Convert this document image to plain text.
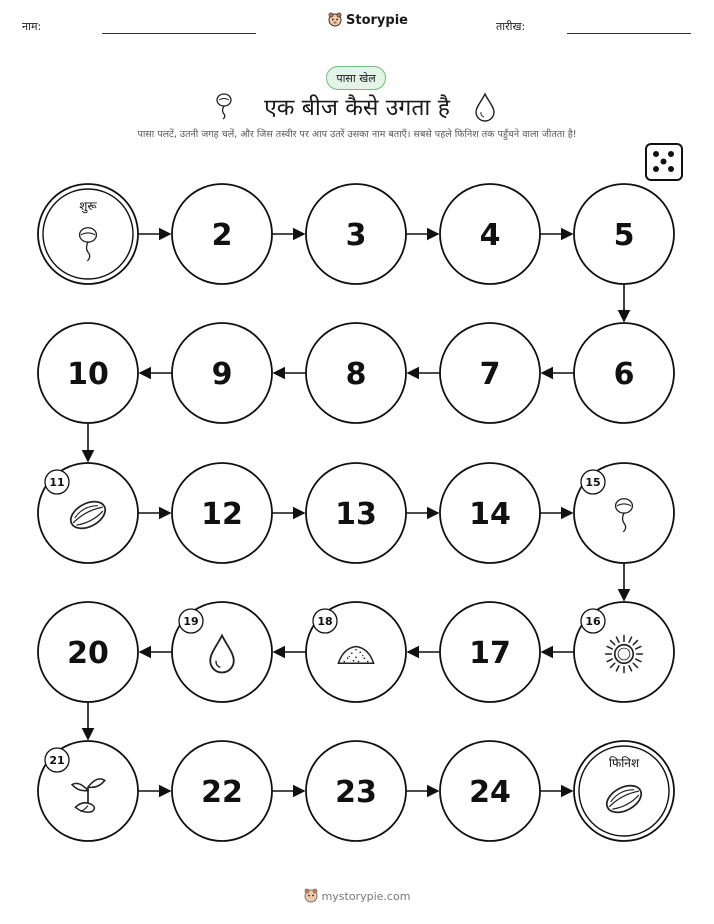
नाम:	Storypie	तारीख:
पासा खेल
एक बीज कैसे उगता है
पासा पलटें, उतनी जगह चलें, और जिस तस्वीर पर आप उतरें उसका नाम बताएँ। सबसे पहले फिनिश तक पहुँचने वाला जीतता है!
शुरू
2	3	4	5
6
7
8
9
10
11
12	13	14
15
16
17
18
19
20
21
22	23	24
फिनिश
mystorypie.com
